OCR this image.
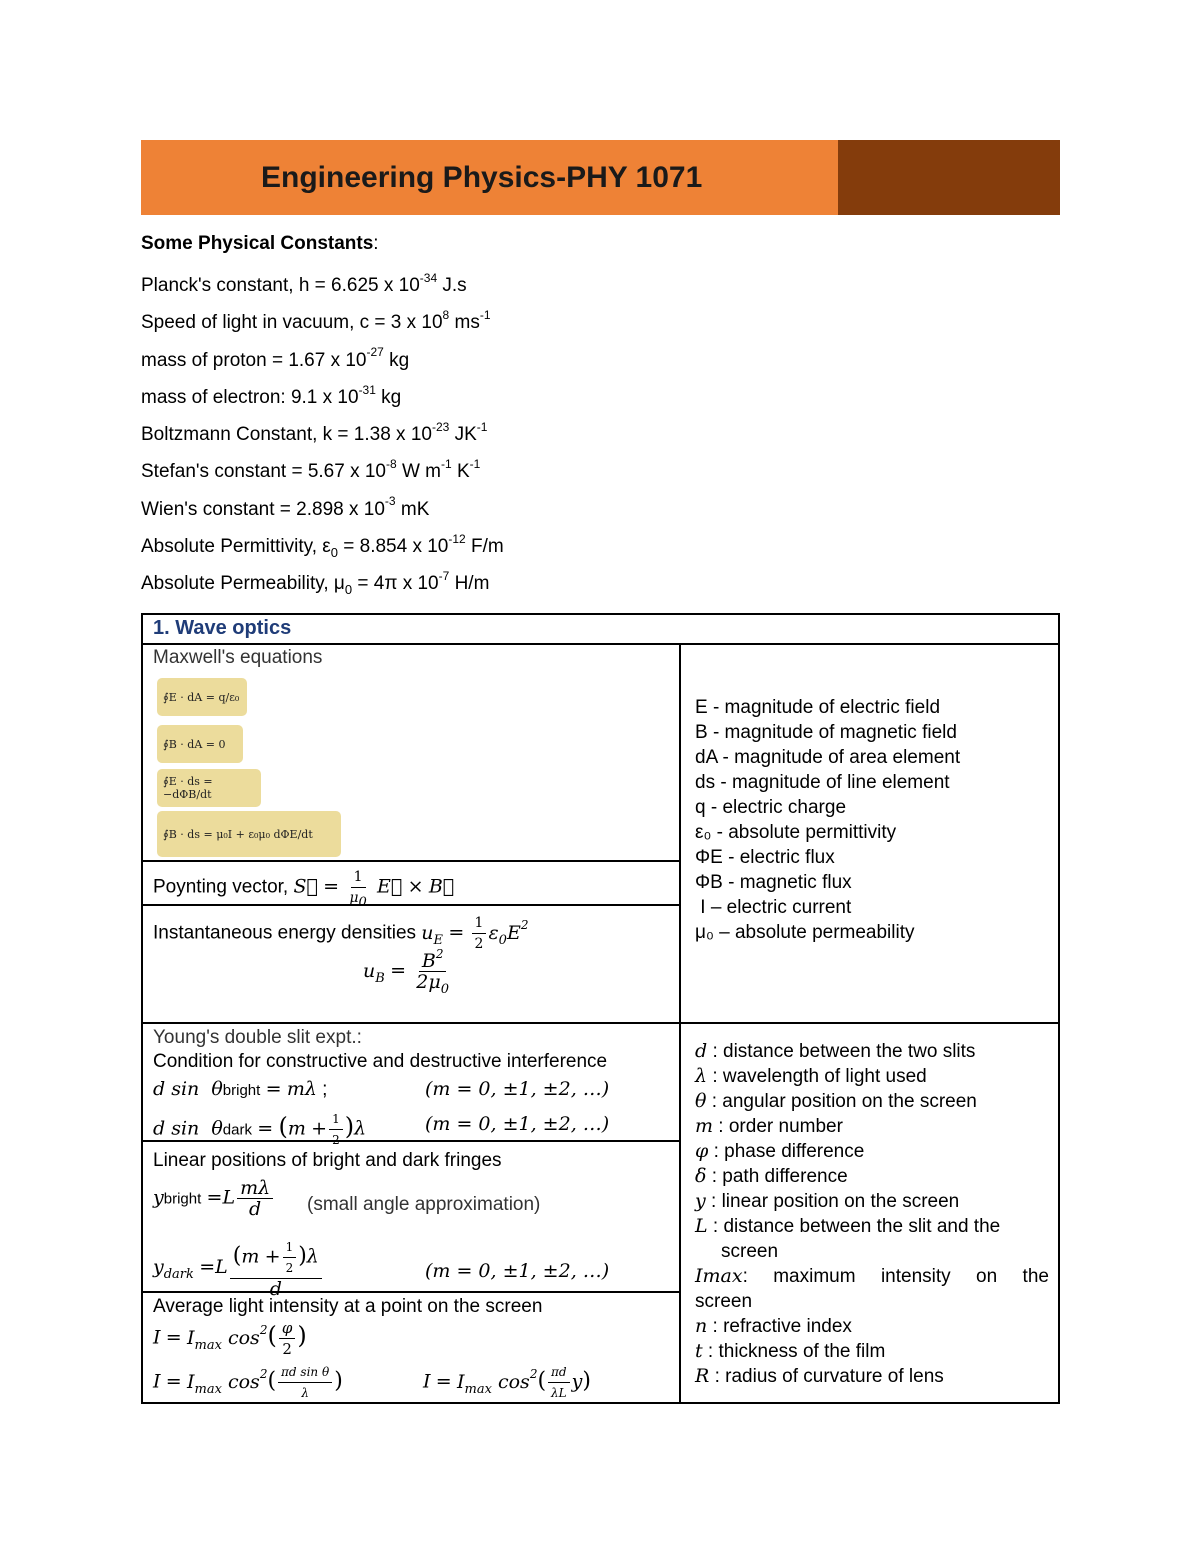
Engineering Physics-PHY 1071
Some Physical Constants:
Planck's constant, h = 6.625 x $10^{-34}$ J.s
Speed of light in vacuum, c = 3 x $10^8$ $ms^{-1}$
mass of proton = 1.67 x $10^{-27}$ kg
mass of electron: 9.1 x $10^{-31}$ kg
Boltzmann Constant, k = 1.38 x $10^{-23}$ $JK^{-1}$
Stefan's constant = 5.67 x $10^{-8}$ W $m^{-1}$ $K^{-1}$
Wien's constant = 2.898 x $10^{-3}$ mK
Absolute Permittivity, $\varepsilon_0 = 8.854$ x $10^{-12}$ F/m
Absolute Permeability, $\mu_0 = 4\pi$ x $10^{-7}$ H/m
1. Wave optics
Maxwell's equations
∮E · dA = q/ε₀
∮B · dA = 0
∮E · ds = −dΦB/dt
∮B · ds = μ₀I + ε₀μ₀ dΦE/dt
Poynting vector, S⃗ = $\frac{1}{\mu_0}$ E⃗ × B⃗
Instantaneous energy densities $u_E = \frac{1}{2} \varepsilon_0E^2$
$u_B = \frac{B^2}{2\mu_0}$
E - magnitude of electric field
B - magnitude of magnetic field
dA - magnitude of area element
ds - magnitude of line element
q - electric charge
ε₀ - absolute permittivity
ΦE - electric flux
ΦB - magnetic flux
I – electric current
μ₀ – absolute permeability
Young's double slit expt.:
Condition for constructive and destructive interference
d sin  θbright = mλ ;	(m = 0, ±1, ±2, …)
d sin  θdark = $(m + \frac{1}{2} )\lambda$	(m = 0, ±1, ±2, …)
Linear positions of bright and dark fringes
ybright $=L \frac{m\lambda}{d}$ (small angle approximation)
$y_{dark} =L \frac{(m + \frac{1}{2} )\lambda}{d}$	(m = 0, ±1, ±2, …)
Average light intensity at a point on the screen
$I = I_{max}$ $\cos^2( \frac{\varphi}{2}$ )
$I = I_{max}$ $\cos^2( \frac{\text{πd sin θ}}{\lambda}$ )	$I = I_{max}$ $\cos^2( \frac{\pi d}{\lambda L} y)$
d : distance between the two slits
λ : wavelength of light used
θ : angular position on the screen
m : order number
φ : phase difference
δ : path difference
y : linear position on the screen
L : distance between the slit and the
screen
Imax: maximum intensity on the
screen
n : refractive index
t : thickness of the film
R : radius of curvature of lens
